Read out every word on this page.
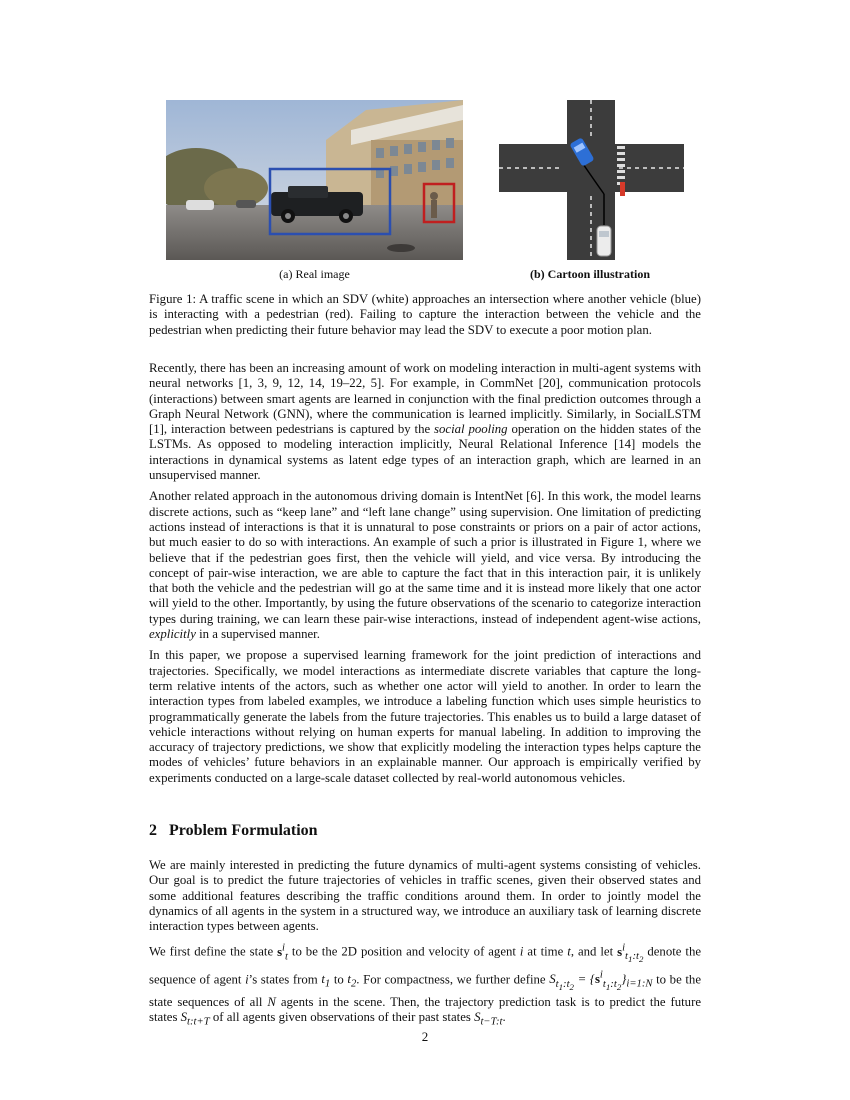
(a) Real image	(b) Cartoon illustration
Figure 1: A traffic scene in which an SDV (white) approaches an intersection where another vehicle (blue) is interacting with a pedestrian (red). Failing to capture the interaction between the vehicle and the pedestrian when predicting their future behavior may lead the SDV to execute a poor motion plan.

Recently, there has been an increasing amount of work on modeling interaction in multi-agent systems with neural networks [1, 3, 9, 12, 14, 19–22, 5]. For example, in CommNet [20], communication protocols (interactions) between smart agents are learned in conjunction with the final prediction outcomes through a Graph Neural Network (GNN), where the communication is learned implicitly. Similarly, in SocialLSTM [1], interaction between pedestrians is captured by the social pooling operation on the hidden states of the LSTMs. As opposed to modeling interaction implicitly, Neural Relational Inference [14] models the interactions in dynamical systems as latent edge types of an interaction graph, which are learned in an unsupervised manner.

Another related approach in the autonomous driving domain is IntentNet [6]. In this work, the model learns discrete actions, such as “keep lane” and “left lane change” using supervision. One limitation of predicting actions instead of interactions is that it is unnatural to pose constraints or priors on a pair of actor actions, but much easier to do so with interactions. An example of such a prior is illustrated in Figure 1, where we believe that if the pedestrian goes first, then the vehicle will yield, and vice versa. By introducing the concept of pair-wise interaction, we are able to capture the fact that in this interaction pair, it is unlikely that both the vehicle and the pedestrian will go at the same time and it is instead more likely that one actor will yield to the other. Importantly, by using the future observations of the scenario to categorize interaction types during training, we can learn these pair-wise interactions, instead of independent agent-wise actions, explicitly in a supervised manner.

In this paper, we propose a supervised learning framework for the joint prediction of interactions and trajectories. Specifically, we model interactions as intermediate discrete variables that capture the long-term relative intents of the actors, such as whether one actor will yield to another. In order to learn the interaction types from labeled examples, we introduce a labeling function which uses simple heuristics to programmatically generate the labels from the future trajectories. This enables us to build a large dataset of vehicle interactions without relying on human experts for manual labeling. In addition to improving the accuracy of trajectory predictions, we show that explicitly modeling the interaction types helps capture the modes of vehicles’ future behaviors in an explainable manner. Our approach is empirically verified by experiments conducted on a large-scale dataset collected by real-world autonomous vehicles.

2 Problem Formulation

We are mainly interested in predicting the future dynamics of multi-agent systems consisting of vehicles. Our goal is to predict the future trajectories of vehicles in traffic scenes, given their observed states and some additional features describing the traffic conditions around them. In order to jointly model the dynamics of all agents in the system in a structured way, we introduce an auxiliary task of learning discrete interaction types between agents.

We first define the state $s^i_t$ to be the 2D position and velocity of agent i at time t, and let $s^i_{t_1:t_2}$ denote the sequence of agent i’s states from $t_1$ to $t_2$. For compactness, we further define $S_{t_1:t_2} = \{s^i_{t_1:t_2}\}_{i=1:N}$ to be the state sequences of all N agents in the scene. Then, the trajectory prediction task is to predict the future states $S_{t:t+T}$ of all agents given observations of their past states $S_{t-T:t}$.

2
